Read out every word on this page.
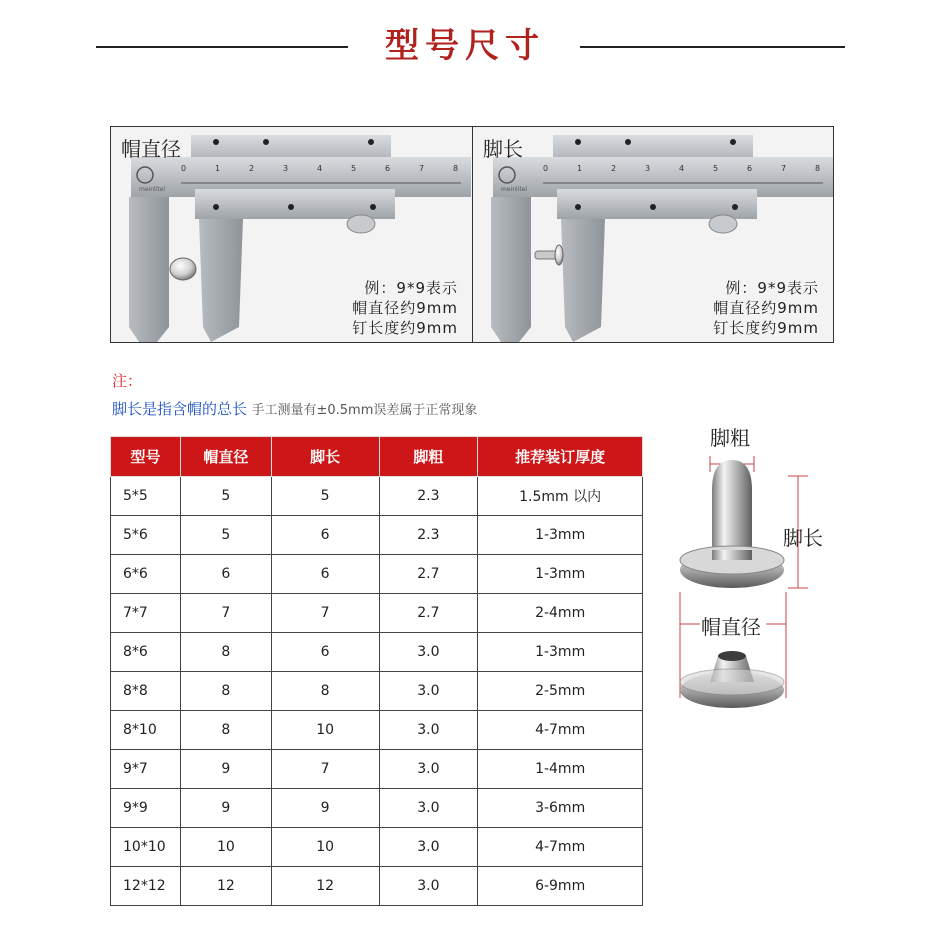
型号尺寸
0	1	2	3	4	5	6	7	8
meinlitel
帽直径
例：9*9表示
帽直径约9mm
钉长度约9mm
0	1	2	3	4	5	6	7	8
meinlitel
脚长
例：9*9表示
帽直径约9mm
钉长度约9mm
注：
脚长是指含帽的总长 手工测量有±0.5mm误差属于正常现象
型号	帽直径	脚长	脚粗	推荐装订厚度
5*5	5	5	2.3	1.5mm 以内
5*6	5	6	2.3	1-3mm
6*6	6	6	2.7	1-3mm
7*7	7	7	2.7	2-4mm
8*6	8	6	3.0	1-3mm
8*8	8	8	3.0	2-5mm
8*10	8	10	3.0	4-7mm
9*7	9	7	3.0	1-4mm
9*9	9	9	3.0	3-6mm
10*10	10	10	3.0	4-7mm
12*12	12	12	3.0	6-9mm
脚粗
脚长
帽直径
